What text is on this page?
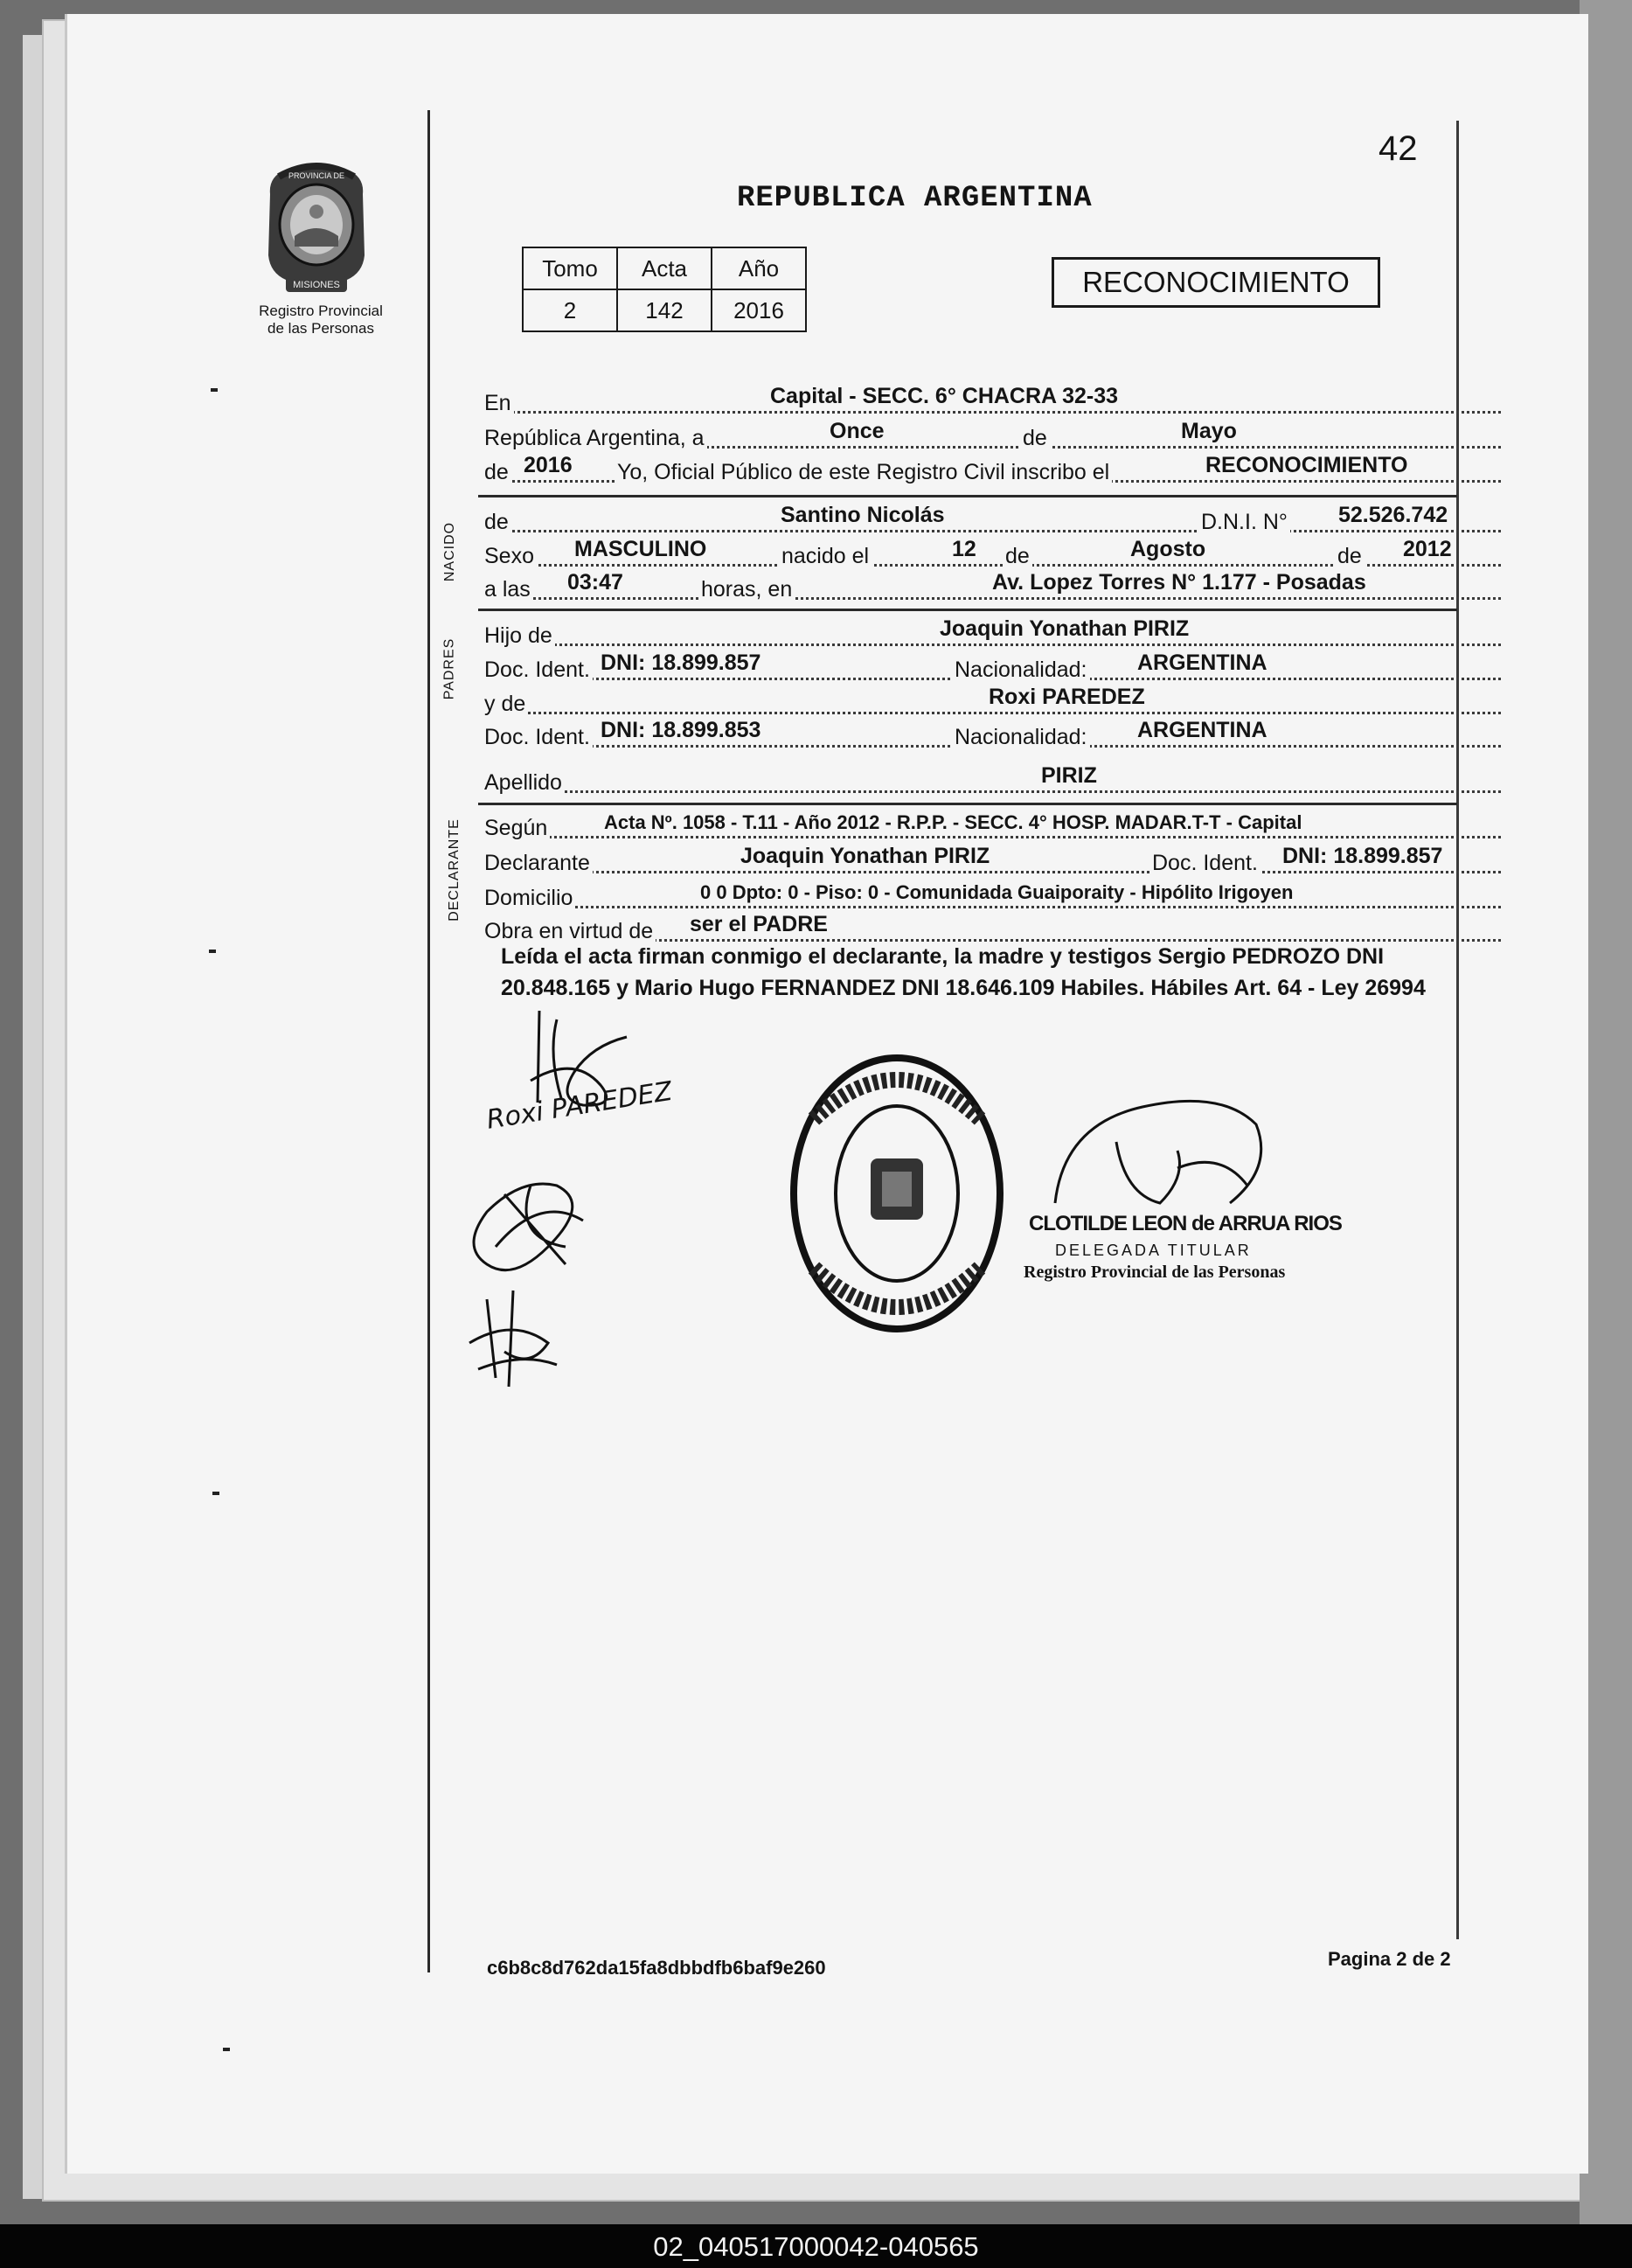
42
MISIONES
PROVINCIA DE
Registro Provincial
de las Personas
REPUBLICA ARGENTINA
Tomo	Acta	Año
2	142	2016
RECONOCIMIENTO
En	Capital - SECC. 6° CHACRA 32-33
República Argentina, a	Once	de	Mayo
de 2016 Yo, Oficial Público de este Registro Civil inscribo el	RECONOCIMIENTO
de	Santino Nicolás	D.N.I. N° 52.526.742
Sexo MASCULINO	nacido el	12 de	Agosto	de 2012
a las 03:47	horas, en	Av. Lopez Torres N° 1.177 - Posadas
Hijo de	Joaquin Yonathan PIRIZ
Doc. Ident. DNI: 18.899.857	Nacionalidad: ARGENTINA
y de	Roxi PAREDEZ
Doc. Ident. DNI: 18.899.853	Nacionalidad: ARGENTINA
Apellido	PIRIZ
Según	Acta Nº. 1058 - T.11 - Año 2012 - R.P.P. - SECC. 4° HOSP. MADAR.T-T - Capital
Declarante	Joaquin Yonathan PIRIZ	Doc. Ident. DNI: 18.899.857
Domicilio	0 0 Dpto: 0 - Piso: 0 - Comunidada Guaiporaity - Hipólito Irigoyen
Obra en virtud de ser el PADRE
NACIDO
PADRES
DECLARANTE
Leída el acta firman conmigo el declarante, la madre y testigos Sergio PEDROZO DNI 20.848.165 y Mario Hugo FERNANDEZ DNI 18.646.109 Habiles. Hábiles Art. 64 - Ley 26994
Roxi PAREDEZ
CLOTILDE LEON de ARRUA RIOS
DELEGADA TITULAR
Registro Provincial de las Personas
c6b8c8d762da15fa8dbbdfb6baf9e260	Pagina 2 de 2
02_040517000042-040565
